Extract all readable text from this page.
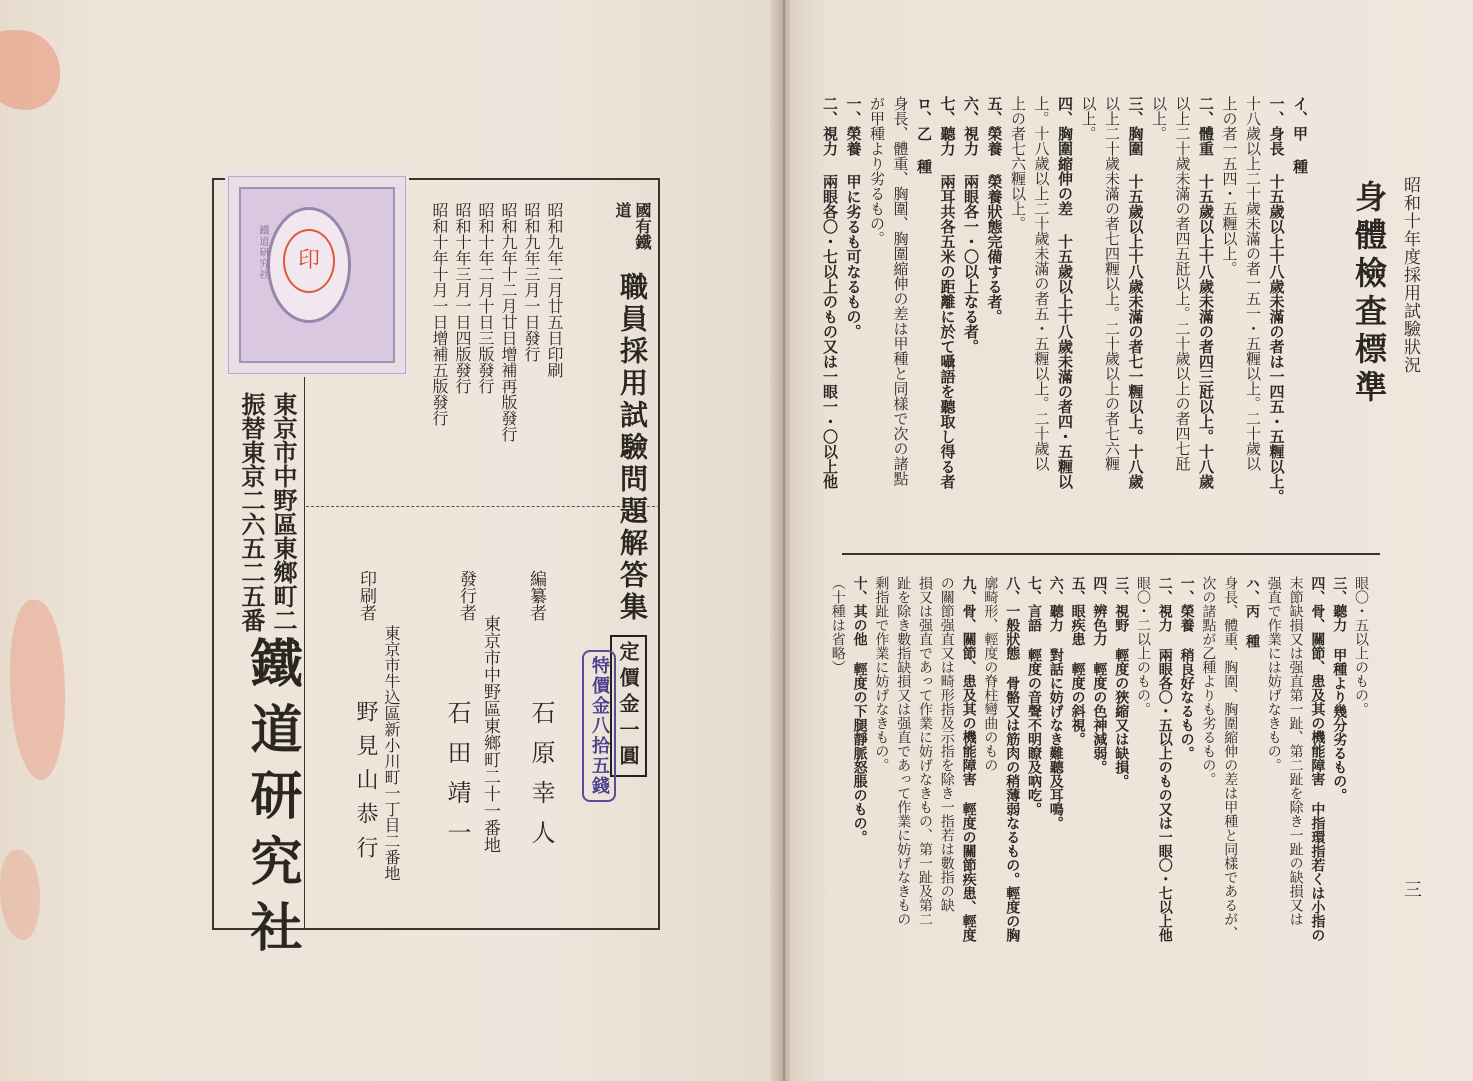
印

鐵道研究社	國有鐵道

職員採用試驗問題解答集

定價金一圓

特價金八拾五錢

昭和九年二月廿五日印刷

昭和九年三月一日發行

昭和九年十二月廿日增補再版發行

昭和十年二月十日三版發行

昭和十年三月一日四版發行

昭和十年十月一日增補五版發行

編纂者

石原幸人

發行者

東京市中野區東鄉町二十一番地

石田靖一

印刷者

東京市牛込區新小川町一丁目二番地

野見山恭行

東京市中野區東鄉町二一

振替東京二六五二五番

鐵道研究社

昭和十年度採用試驗狀況

身體檢査標準

三

イ、甲 種

一、身長 十五歲以上十八歲未滿の者は一四五・五糎以上。

十八歲以上二十歲未滿の者一五一・五糎以上。二十歲以

上の者一五四・五糎以上。

二、體重 十五歲以上十八歲未滿の者四三瓩以上。十八歲

以上二十歲未滿の者四五瓩以上。二十歲以上の者四七瓩

以上。

三、胸圍 十五歲以上十八歲未滿の者七一糎以上。十八歲

以上二十歲未滿の者七四糎以上。二十歲以上の者七六糎

以上。

四、胸圍縮伸の差 十五歲以上十八歲未滿の者四・五糎以

上。十八歲以上二十歲未滿の者五・五糎以上。二十歲以

上の者七六糎以上。

五、榮養 榮養狀態完備する者。

六、視力 兩眼各一・〇以上なる者。

七、聽力 兩耳共各五米の距離に於て囁語を聽取し得る者

ロ、乙 種

身長、體重、胸圍、胸圍縮伸の差は甲種と同樣で次の諸點

が甲種より劣るもの。

一、榮養 甲に劣るも可なるもの。

二、視力 兩眼各〇・七以上のもの又は一眼一・〇以上他

眼〇・五以上のもの。

三、聽力 甲種より幾分劣るもの。

四、骨、關節、患及其の機能障害 中指環指若くは小指の

末節缺損又は强直第一趾、第二趾を除き一趾の缺損又は

强直で作業には妨げなきもの。

ハ、丙 種

身長、體重、胸圍、胸圍縮伸の差は甲種と同樣であるが、

次の諸點が乙種よりも劣るもの。

一、榮養 稍良好なるもの。

二、視力 兩眼各〇・五以上のもの又は一眼〇・七以上他

眼〇・二以上のもの。

三、視野 輕度の狹縮又は缺損。

四、辨色力 輕度の色神減弱。

五、眼疾患 輕度の斜視。

六、聽力 對話に妨げなき難聽及耳鳴。

七、言語 輕度の音聲不明瞭及吶吃。

八、一般狀態 骨骼又は筋肉の稍薄弱なるもの。輕度の胸

廓畸形、輕度の脊柱彎曲のもの

九、骨、關節、患及其の機能障害 輕度の關節疾患、輕度

の關節强直又は畸形指及示指を除き一指若は數指の缺

損又は强直であって作業に妨げなきもの、第一趾及第二

趾を除き數指缺損又は强直であって作業に妨げなきもの

剩指趾で作業に妨げなきもの。

十、其の他 輕度の下腿靜脈怒脹のもの。

（十種は省略）
